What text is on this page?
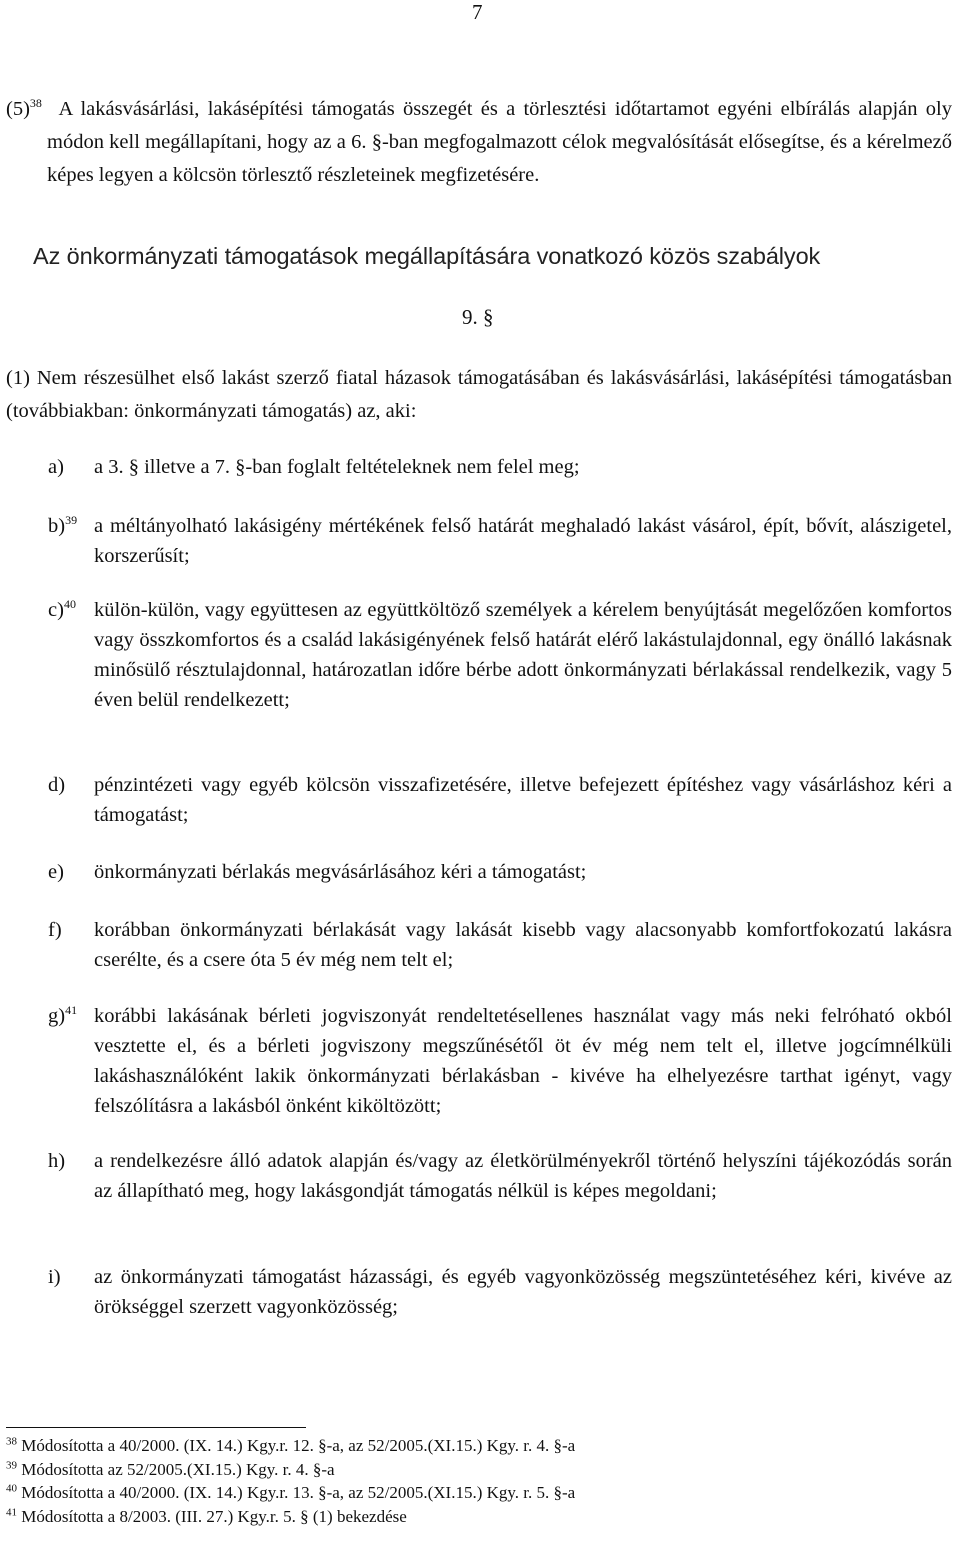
7
$(5)^{38}$ A lakásvásárlási, lakásépítési támogatás összegét és a törlesztési időtartamot egyéni elbírálás alapján oly módon kell megállapítani, hogy az a 6. §-ban megfogalmazott célok megvalósítását elősegítse, és a kérelmező képes legyen a kölcsön törlesztő részleteinek megfizetésére.
Az önkormányzati támogatások megállapítására vonatkozó közös szabályok
9. §
(1) Nem részesülhet első lakást szerző fiatal házasok támogatásában és lakásvásárlási, lakásépítési támogatásban (továbbiakban: önkormányzati támogatás) az, aki:
a) a 3. § illetve a 7. §-ban foglalt feltételeknek nem felel meg;
b)$^{39}$ a méltányolható lakásigény mértékének felső határát meghaladó lakást vásárol, épít, bővít, alászigetel, korszerűsít;
c)$^{40}$ külön-külön, vagy együttesen az együttköltöző személyek a kérelem benyújtását megelőzően komfortos vagy összkomfortos és a család lakásigényének felső határát elérő lakástulajdonnal, egy önálló lakásnak minősülő résztulajdonnal, határozatlan időre bérbe adott önkormányzati bérlakással rendelkezik, vagy 5 éven belül rendelkezett;
d) pénzintézeti vagy egyéb kölcsön visszafizetésére, illetve befejezett építéshez vagy vásárláshoz kéri a támogatást;
e) önkormányzati bérlakás megvásárlásához kéri a támogatást;
f) korábban önkormányzati bérlakását vagy lakását kisebb vagy alacsonyabb komfortfokozatú lakásra cserélte, és a csere óta 5 év még nem telt el;
g)$^{41}$ korábbi lakásának bérleti jogviszonyát rendeltetésellenes használat vagy más neki felróható okból vesztette el, és a bérleti jogviszony megszűnésétől öt év még nem telt el, illetve jogcímnélküli lakáshasználóként lakik önkormányzati bérlakásban - kivéve ha elhelyezésre tarthat igényt, vagy felszólításra a lakásból önként kiköltözött;
h) a rendelkezésre álló adatok alapján és/vagy az életkörülményekről történő helyszíni tájékozódás során az állapítható meg, hogy lakásgondját támogatás nélkül is képes megoldani;
i) az önkormányzati támogatást házassági, és egyéb vagyonközösség megszüntetéséhez kéri, kivéve az örökséggel szerzett vagyonközösség;
$^{38}$ Módosította a 40/2000. (IX. 14.) Kgy.r. 12. §-a, az 52/2005.(XI.15.) Kgy. r. 4. §-a
$^{39}$ Módosította az 52/2005.(XI.15.) Kgy. r. 4. §-a
$^{40}$ Módosította a 40/2000. (IX. 14.) Kgy.r. 13. §-a, az 52/2005.(XI.15.) Kgy. r. 5. §-a
$^{41}$ Módosította a 8/2003. (III. 27.) Kgy.r. 5. § (1) bekezdése
